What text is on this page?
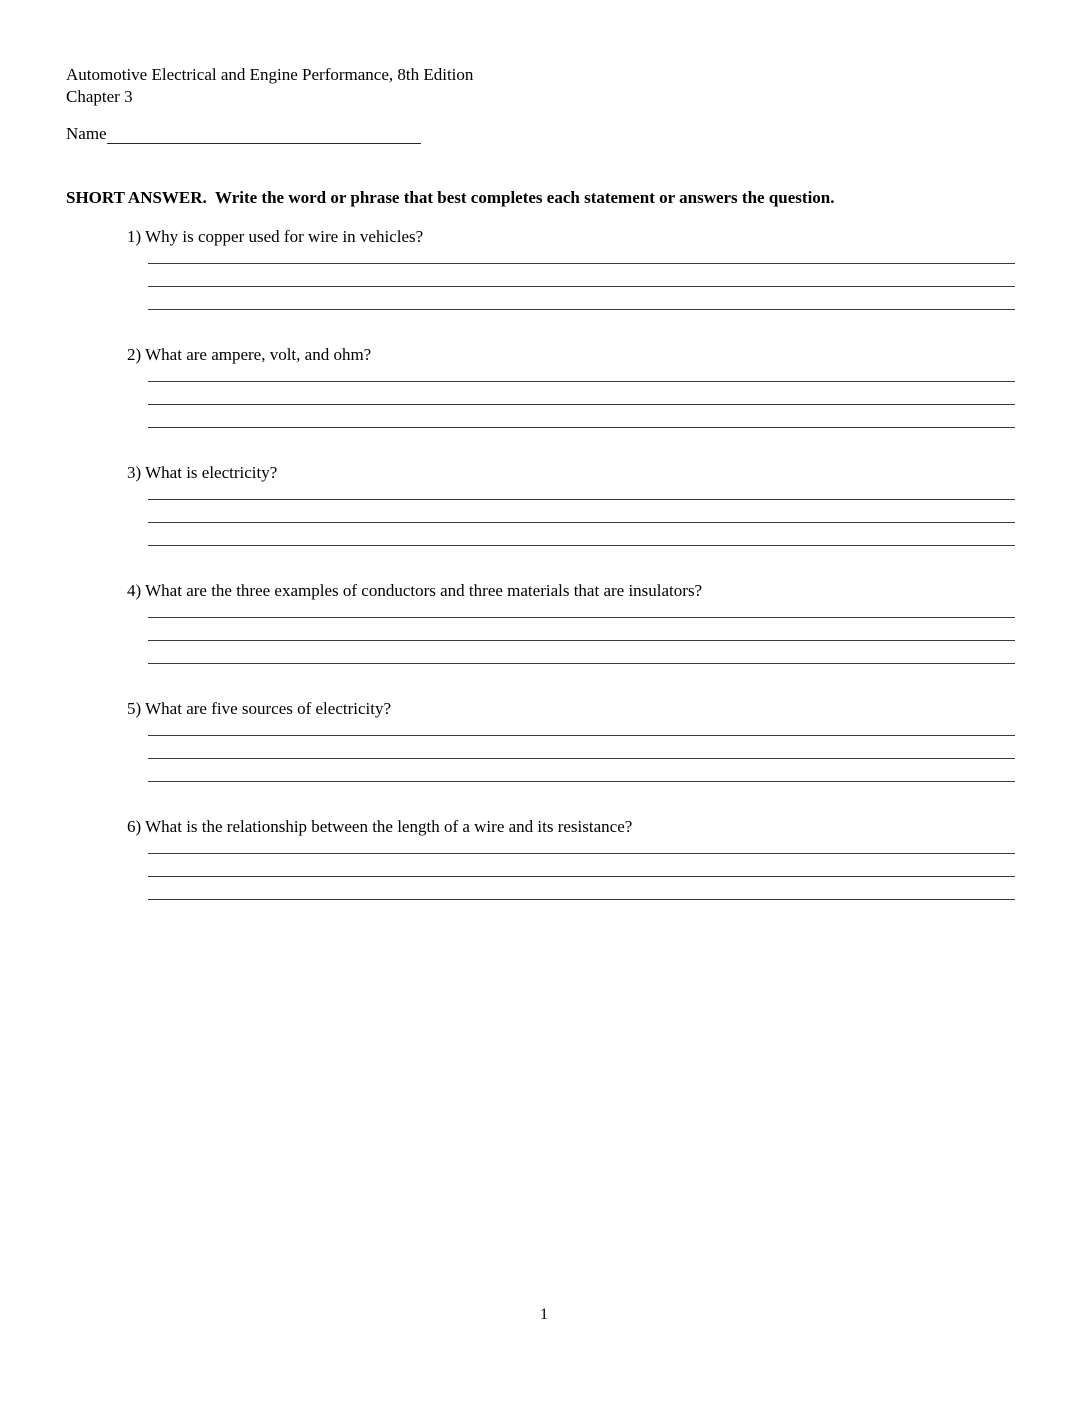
Automotive Electrical and Engine Performance, 8th Edition
Chapter 3
Name
SHORT ANSWER. Write the word or phrase that best completes each statement or answers the question.
1) Why is copper used for wire in vehicles?
2) What are ampere, volt, and ohm?
3) What is electricity?
4) What are the three examples of conductors and three materials that are insulators?
5) What are five sources of electricity?
6) What is the relationship between the length of a wire and its resistance?
1
